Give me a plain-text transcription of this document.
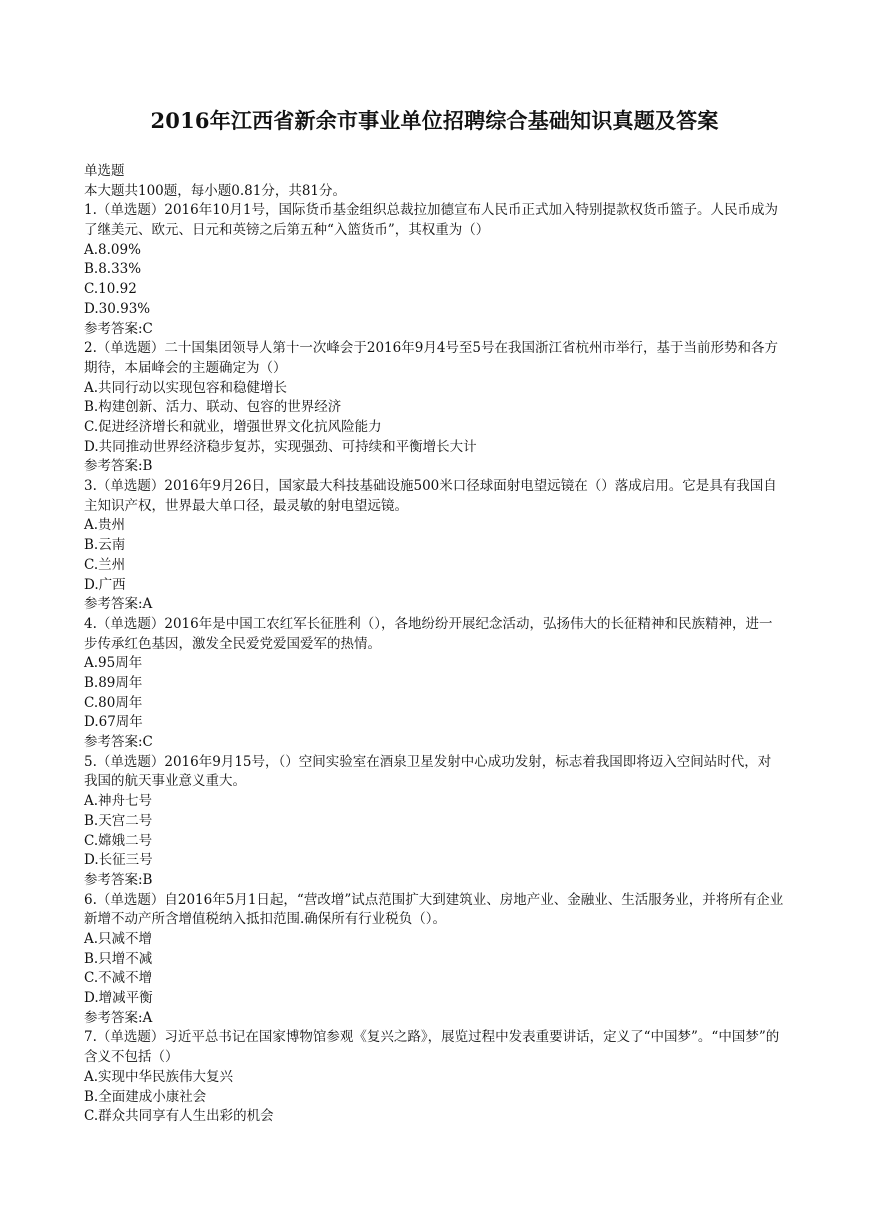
2016年江西省新余市事业单位招聘综合基础知识真题及答案
单选题
本大题共100题，每小题0.81分，共81分。
1.（单选题）2016年10月1号，国际货币基金组织总裁拉加德宣布人民币正式加入特别提款权货币篮子。人民币成为了继美元、欧元、日元和英镑之后第五种“入篮货币”，其权重为（）
A.8.09%
B.8.33%
C.10.92
D.30.93%
参考答案:C
2.（单选题）二十国集团领导人第十一次峰会于2016年9月4号至5号在我国浙江省杭州市举行，基于当前形势和各方期待，本届峰会的主题确定为（）
A.共同行动以实现包容和稳健增长
B.构建创新、活力、联动、包容的世界经济
C.促进经济增长和就业，增强世界文化抗风险能力
D.共同推动世界经济稳步复苏，实现强劲、可持续和平衡增长大计
参考答案:B
3.（单选题）2016年9月26日，国家最大科技基础设施500米口径球面射电望远镜在（）落成启用。它是具有我国自主知识产权，世界最大单口径，最灵敏的射电望远镜。
A.贵州
B.云南
C.兰州
D.广西
参考答案:A
4.（单选题）2016年是中国工农红军长征胜利（），各地纷纷开展纪念活动，弘扬伟大的长征精神和民族精神，进一步传承红色基因，激发全民爱党爱国爱军的热情。
A.95周年
B.89周年
C.80周年
D.67周年
参考答案:C
5.（单选题）2016年9月15号，（）空间实验室在酒泉卫星发射中心成功发射，标志着我国即将迈入空间站时代，对我国的航天事业意义重大。
A.神舟七号
B.天宫二号
C.嫦娥二号
D.长征三号
参考答案:B
6.（单选题）自2016年5月1日起，“营改增”试点范围扩大到建筑业、房地产业、金融业、生活服务业，并将所有企业新增不动产所含增值税纳入抵扣范围.确保所有行业税负（）。
A.只减不增
B.只增不减
C.不减不增
D.增减平衡
参考答案:A
7.（单选题）习近平总书记在国家博物馆参观《复兴之路》，展览过程中发表重要讲话，定义了“中国梦”。“中国梦”的含义不包括（）
A.实现中华民族伟大复兴
B.全面建成小康社会
C.群众共同享有人生出彩的机会
